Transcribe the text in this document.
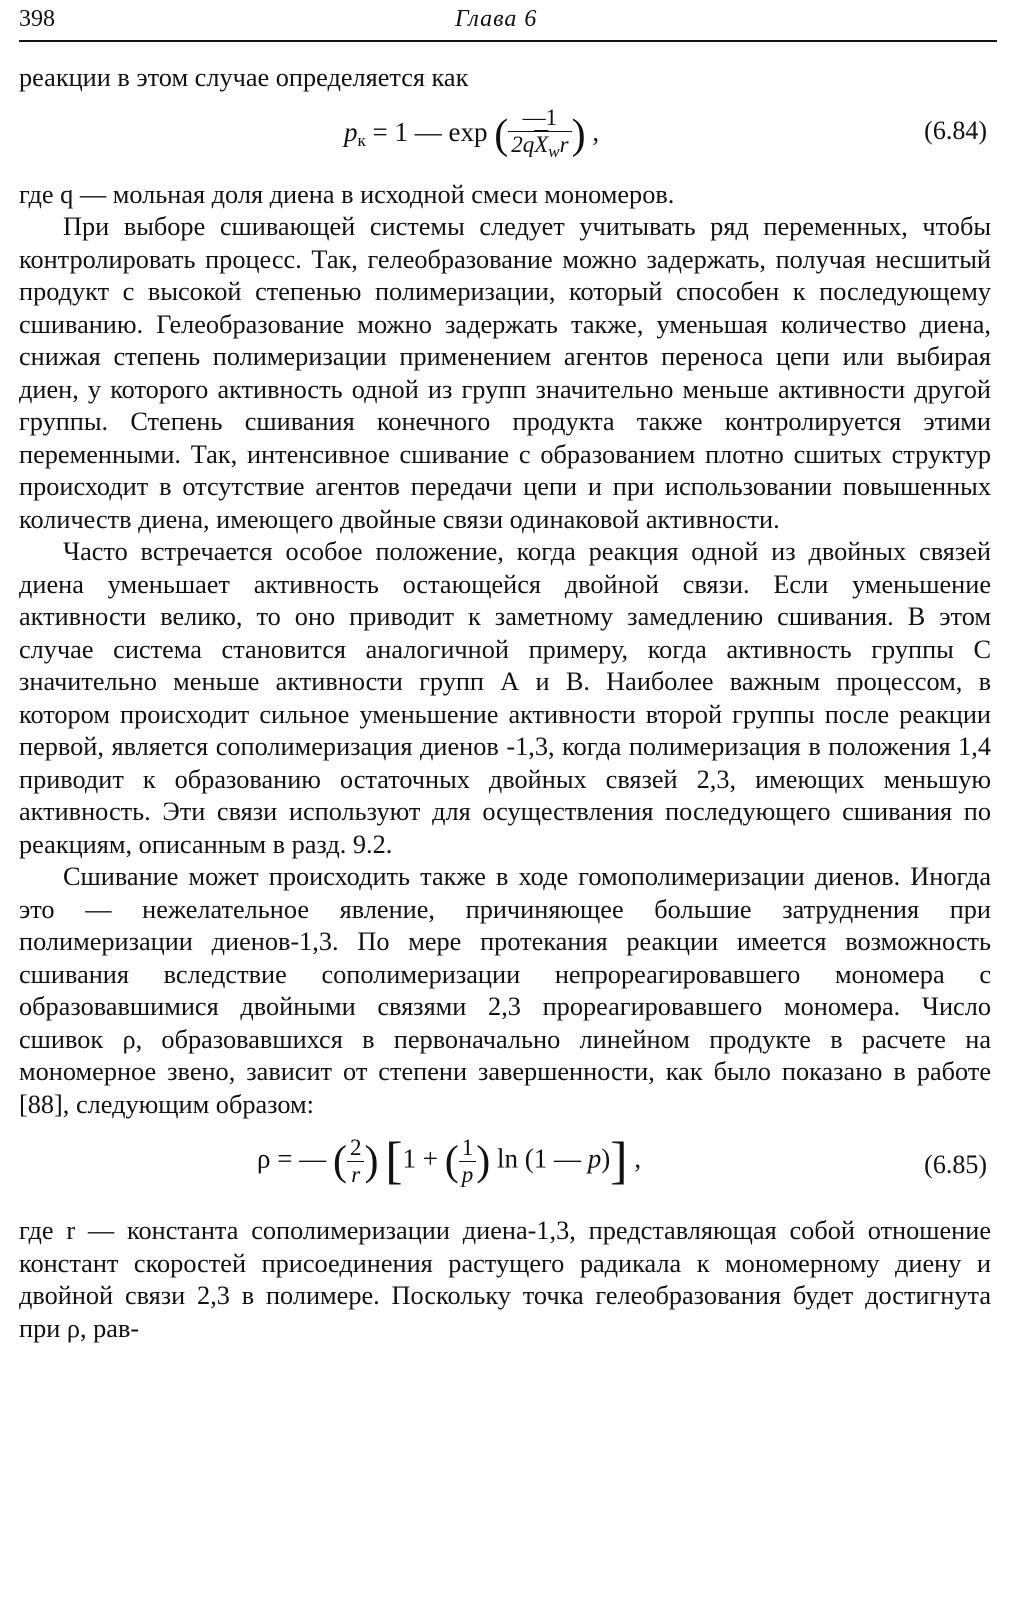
398	Глава 6

реакции в этом случае определяется как

$p_к = 1$ — exp ( $\frac{—1}{2q\overline{X}_wr}$ ) ,	(6.84)

где q — мольная доля диена в исходной смеси мономеров.

При выборе сшивающей системы следует учитывать ряд переменных, чтобы контролировать процесс. Так, гелеобразование можно задержать, получая несшитый продукт с высокой степенью полимеризации, который способен к последующему сшиванию. Гелеобразование можно задержать также, уменьшая количество диена, снижая степень полимеризации применением агентов переноса цепи или выбирая диен, у которого активность одной из групп значительно меньше активности другой группы. Степень сшивания конечного продукта также контролируется этими переменными. Так, интенсивное сшивание с образованием плотно сшитых структур происходит в отсутствие агентов передачи цепи и при использовании повышенных количеств диена, имеющего двойные связи одинаковой активности.

Часто встречается особое положение, когда реакция одной из двойных связей диена уменьшает активность остающейся двойной связи. Если уменьшение активности велико, то оно приводит к заметному замедлению сшивания. В этом случае система становится аналогичной примеру, когда активность группы С значительно меньше активности групп А и В. Наиболее важным процессом, в котором происходит сильное уменьшение активности второй группы после реакции первой, является сополимеризация диенов -1,3, когда полимеризация в положения 1,4 приводит к образованию остаточных двойных связей 2,3, имеющих меньшую активность. Эти связи используют для осуществления последующего сшивания по реакциям, описанным в разд. 9.2.

Сшивание может происходить также в ходе гомополимеризации диенов. Иногда это — нежелательное явление, причиняющее большие затруднения при полимеризации диенов-1,3. По мере протекания реакции имеется возможность сшивания вследствие сополимеризации непрореагировавшего мономера с образовавшимися двойными связями 2,3 прореагировавшего мономера. Число сшивок ρ, образовавшихся в первоначально линейном продукте в расчете на мономерное звено, зависит от степени завершенности, как было показано в работе [88], следующим образом:

ρ = — ( $\frac{2}{r}$ ) [1 + ( $\frac{1}{p}$ ) ln (1 — p)] ,	(6.85)

где r — константа сополимеризации диена-1,3, представляющая собой отношение констант скоростей присоединения растущего радикала к мономерному диену и двойной связи 2,3 в полимере. Поскольку точка гелеобразования будет достигнута при ρ, рав-
